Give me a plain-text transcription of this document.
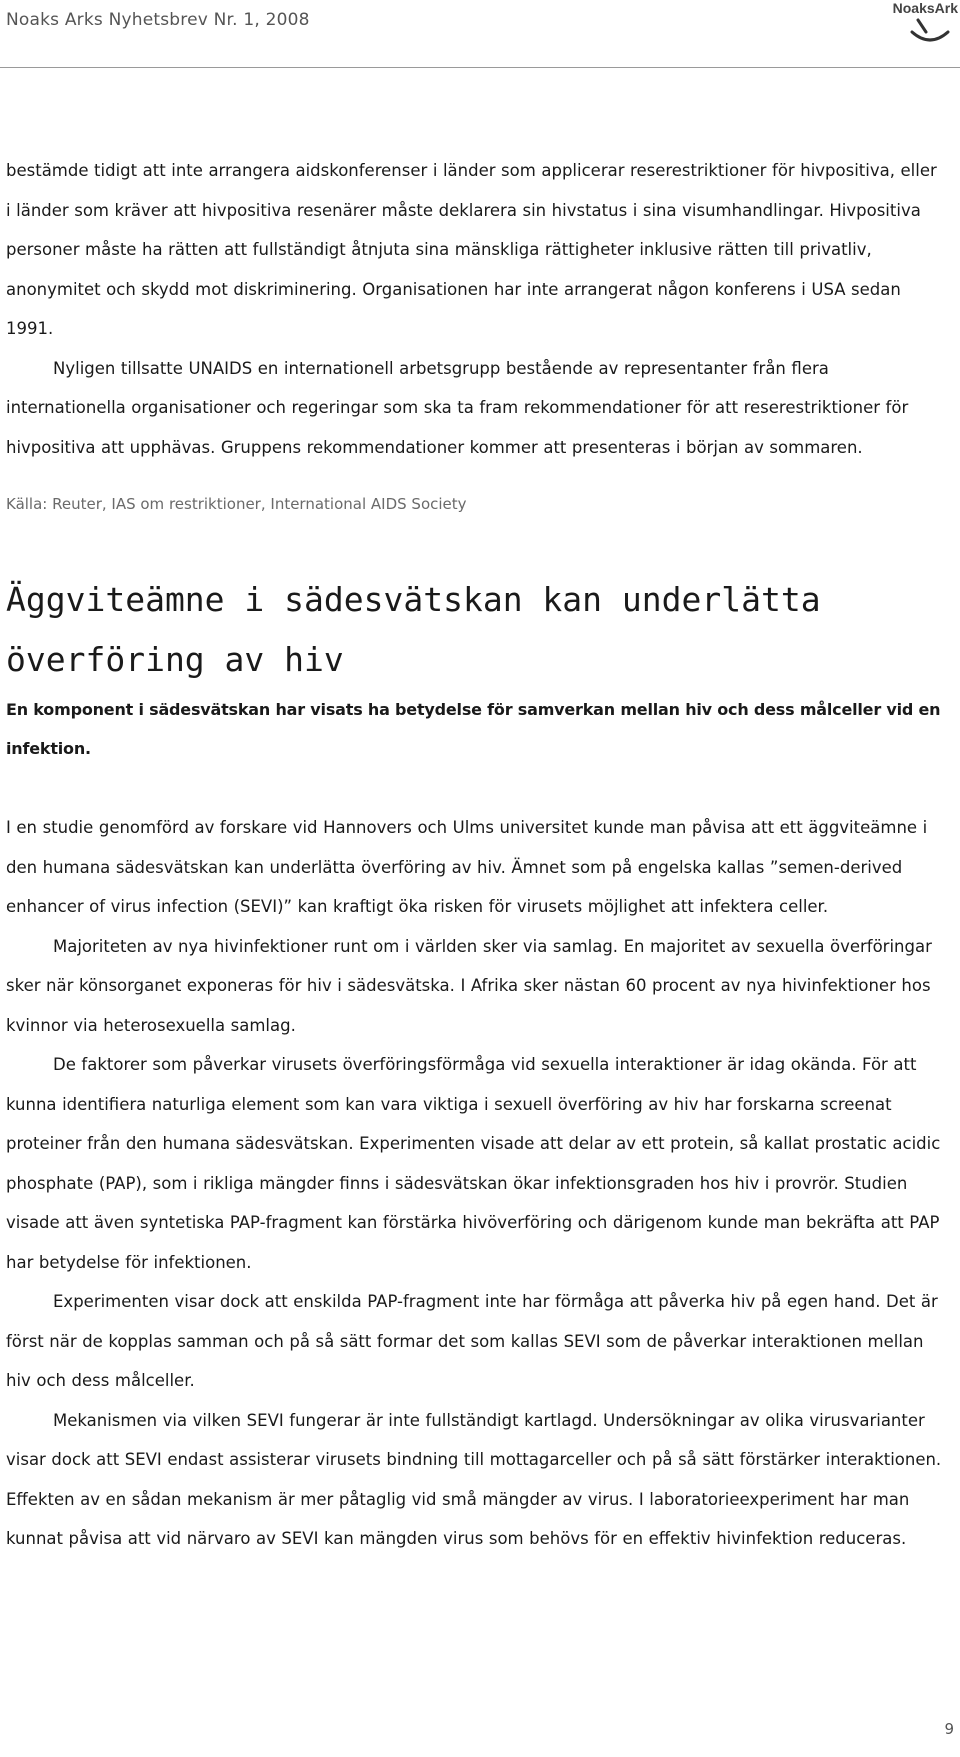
Noaks Arks Nyhetsbrev Nr. 1, 2008
NoaksArk

bestämde tidigt att inte arrangera aidskonferenser i länder som applicerar reserestriktioner för hivpositiva, eller i länder som kräver att hivpositiva resenärer måste deklarera sin hivstatus i sina visumhandlingar. Hivpositiva personer måste ha rätten att fullständigt åtnjuta sina mänskliga rättigheter inklusive rätten till privatliv, anonymitet och skydd mot diskriminering. Organisationen har inte arrangerat någon konferens i USA sedan 1991.

Nyligen tillsatte UNAIDS en internationell arbetsgrupp bestående av representanter från flera internationella organisationer och regeringar som ska ta fram rekommendationer för att reserestriktioner för hivpositiva att upphävas. Gruppens rekommendationer kommer att presenteras i början av sommaren.

Källa: Reuter, IAS om restriktioner, International AIDS Society

Äggviteämne i sädesvätskan kan underlätta överföring av hiv

En komponent i sädesvätskan har visats ha betydelse för samverkan mellan hiv och dess målceller vid en infektion.

I en studie genomförd av forskare vid Hannovers och Ulms universitet kunde man påvisa att ett äggviteämne i den humana sädesvätskan kan underlätta överföring av hiv. Ämnet som på engelska kallas ”semen-derived enhancer of virus infection (SEVI)” kan kraftigt öka risken för virusets möjlighet att infektera celler.

Majoriteten av nya hivinfektioner runt om i världen sker via samlag. En majoritet av sexuella överföringar sker när könsorganet exponeras för hiv i sädesvätska. I Afrika sker nästan 60 procent av nya hivinfektioner hos kvinnor via heterosexuella samlag.

De faktorer som påverkar virusets överföringsförmåga vid sexuella interaktioner är idag okända. För att kunna identifiera naturliga element som kan vara viktiga i sexuell överföring av hiv har forskarna screenat proteiner från den humana sädesvätskan. Experimenten visade att delar av ett protein, så kallat prostatic acidic phosphate (PAP), som i rikliga mängder finns i sädesvätskan ökar infektionsgraden hos hiv i provrör. Studien visade att även syntetiska PAP-fragment kan förstärka hivöverföring och därigenom kunde man bekräfta att PAP har betydelse för infektionen.

Experimenten visar dock att enskilda PAP-fragment inte har förmåga att påverka hiv på egen hand. Det är först när de kopplas samman och på så sätt formar det som kallas SEVI som de påverkar interaktionen mellan hiv och dess målceller.

Mekanismen via vilken SEVI fungerar är inte fullständigt kartlagd. Undersökningar av olika virusvarianter visar dock att SEVI endast assisterar virusets bindning till mottagarceller och på så sätt förstärker interaktionen. Effekten av en sådan mekanism är mer påtaglig vid små mängder av virus. I laboratorieexperiment har man kunnat påvisa att vid närvaro av SEVI kan mängden virus som behövs för en effektiv hivinfektion reduceras.

9
